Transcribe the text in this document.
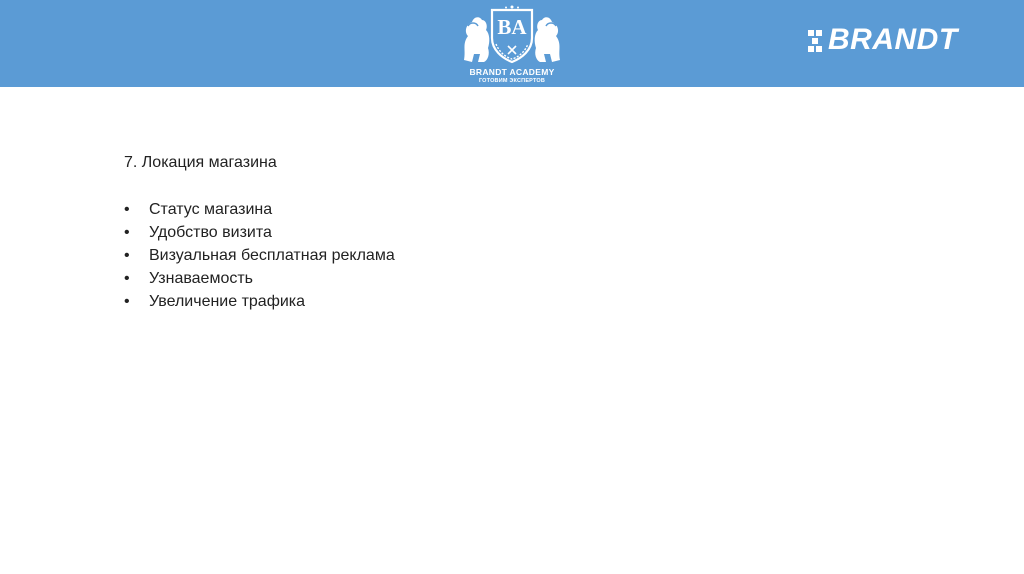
BA
BRANDT ACADEMY
ГОТОВИМ ЭКСПЕРТОВ
BRANDT
7. Локация магазина
•	Статус магазина
•	Удобство визита
•	Визуальная бесплатная реклама
•	Узнаваемость
•	Увеличение трафика
